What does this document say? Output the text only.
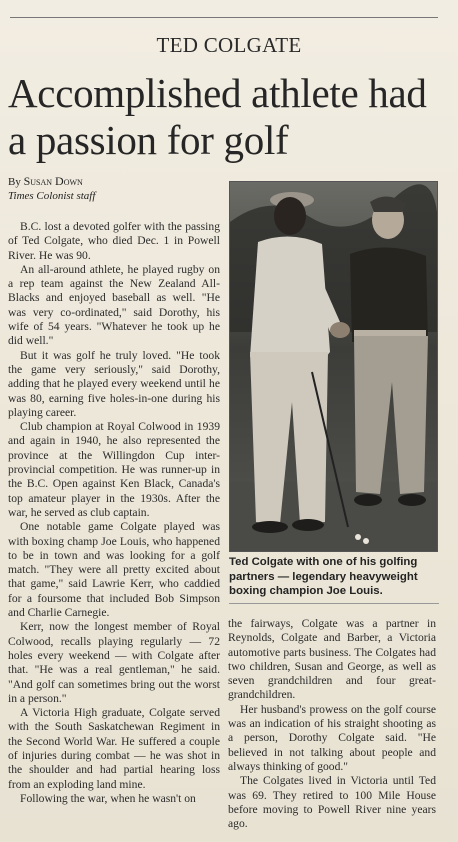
TED COLGATE
Accomplished athlete had a passion for golf
By Susan Down
Times Colonist staff

B.C. lost a devoted golfer with the passing of Ted Colgate, who died Dec. 1 in Powell River. He was 90.

An all-around athlete, he played rugby on a rep team against the New Zealand All-Blacks and enjoyed baseball as well. "He was very co-ordinated," said Dorothy, his wife of 54 years. "Whatever he took up he did well."

But it was golf he truly loved. "He took the game very seriously," said Dorothy, adding that he played every weekend until he was 80, earning five holes-in-one during his playing career.

Club champion at Royal Colwood in 1939 and again in 1940, he also represented the province at the Willingdon Cup inter-provincial competition. He was runner-up in the B.C. Open against Ken Black, Canada's top amateur player in the 1930s. After the war, he served as club captain.

One notable game Colgate played was with boxing champ Joe Louis, who happened to be in town and was looking for a golf match. "They were all pretty excited about that game," said Lawrie Kerr, who caddied for a foursome that included Bob Simpson and Charlie Carnegie.

Kerr, now the longest member of Royal Colwood, recalls playing regularly — 72 holes every weekend — with Colgate after that. "He was a real gentleman," he said. "And golf can sometimes bring out the worst in a person."

A Victoria High graduate, Colgate served with the South Saskatchewan Regiment in the Second World War. He suffered a couple of injuries during combat — he was shot in the shoulder and had partial hearing loss from an exploding land mine.

Following the war, when he wasn't on

Ted Colgate with one of his golfing partners — legendary heavyweight boxing champion Joe Louis.

the fairways, Colgate was a partner in Reynolds, Colgate and Barber, a Victoria automotive parts business. The Colgates had two children, Susan and George, as well as seven grandchildren and four great-grandchildren.

Her husband's prowess on the golf course was an indication of his straight shooting as a person, Dorothy Colgate said. "He believed in not talking about people and always thinking of good."

The Colgates lived in Victoria until Ted was 69. They retired to 100 Mile House before moving to Powell River nine years ago.
